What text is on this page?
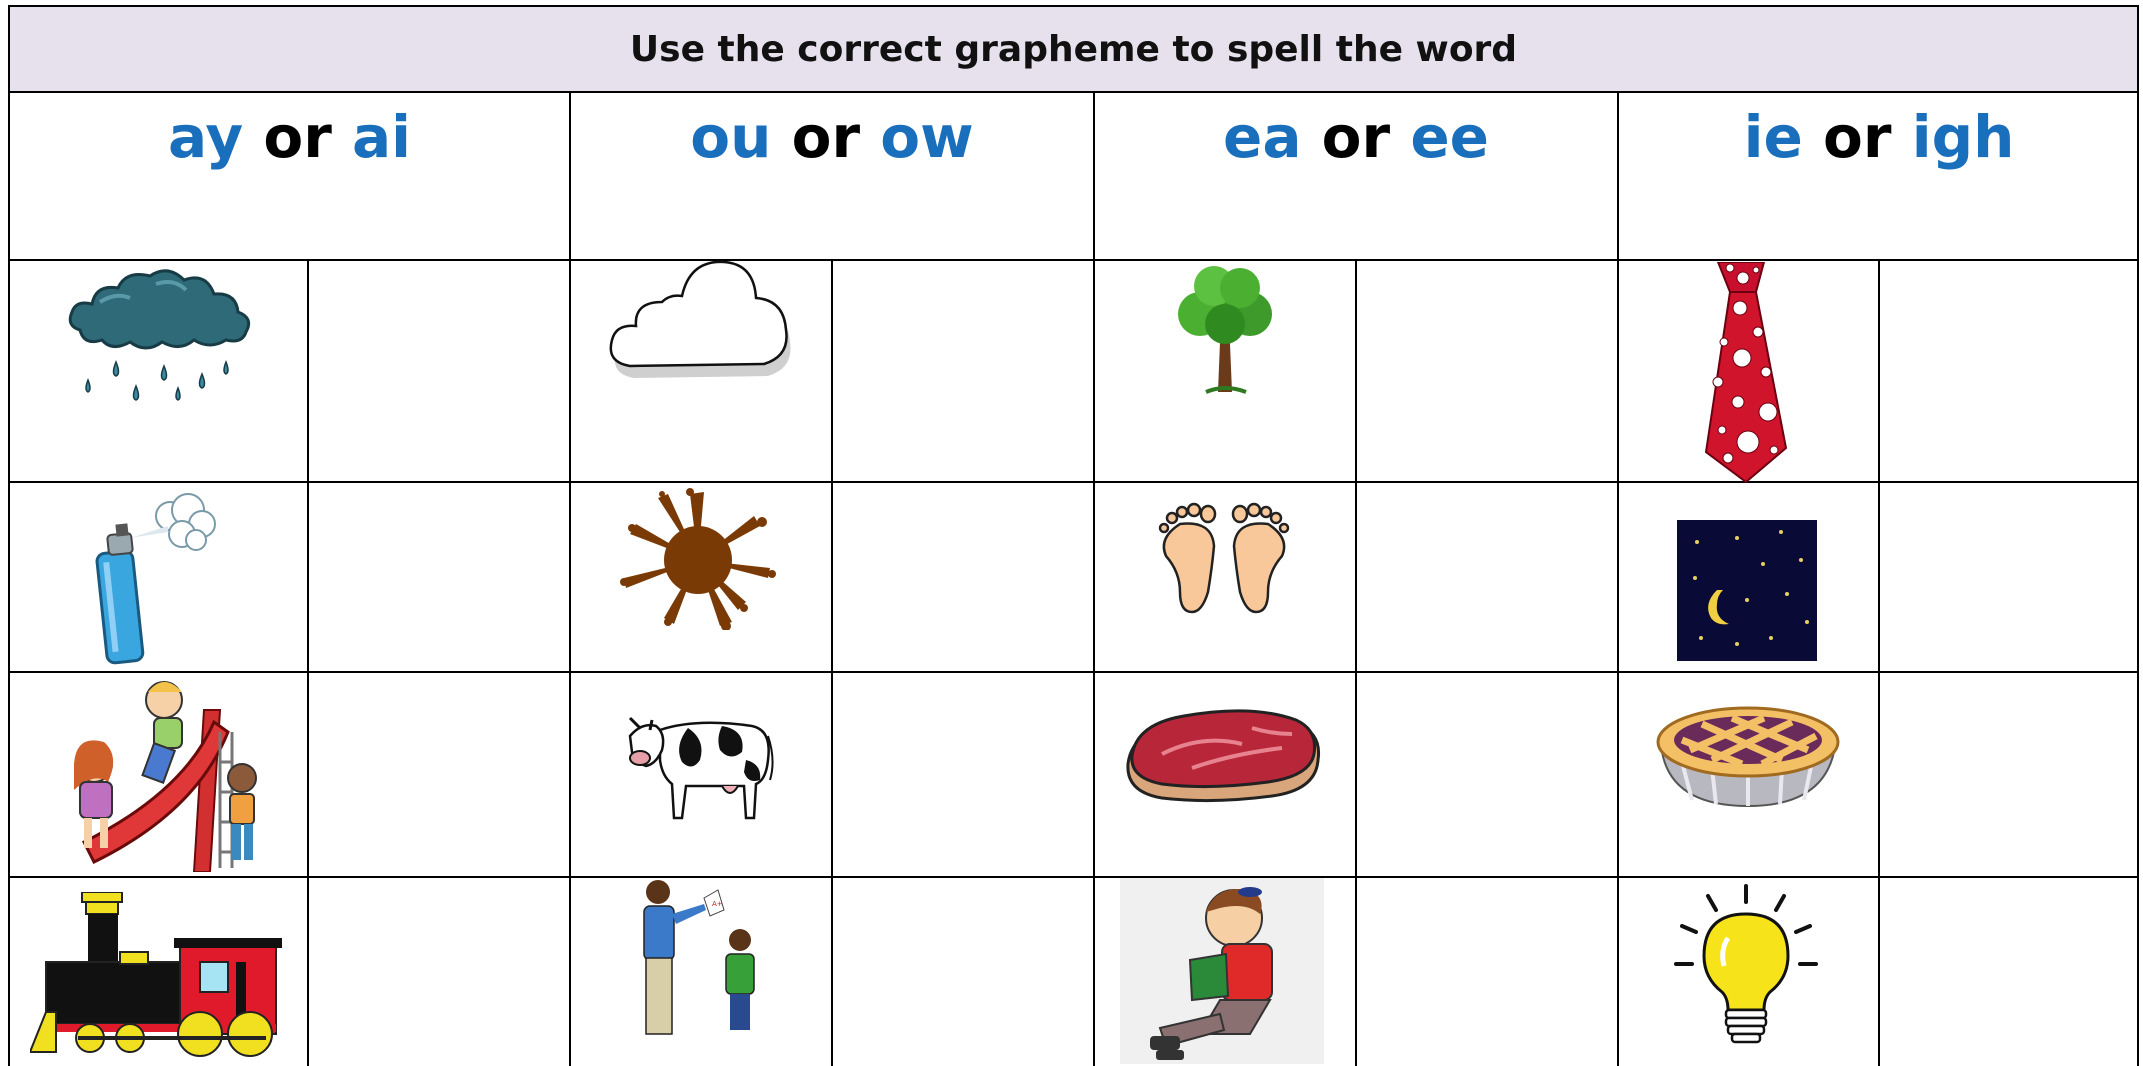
Use the correct grapheme to spell the word
ay or ai	ou or ow	ea or ee	ie or igh
A+
